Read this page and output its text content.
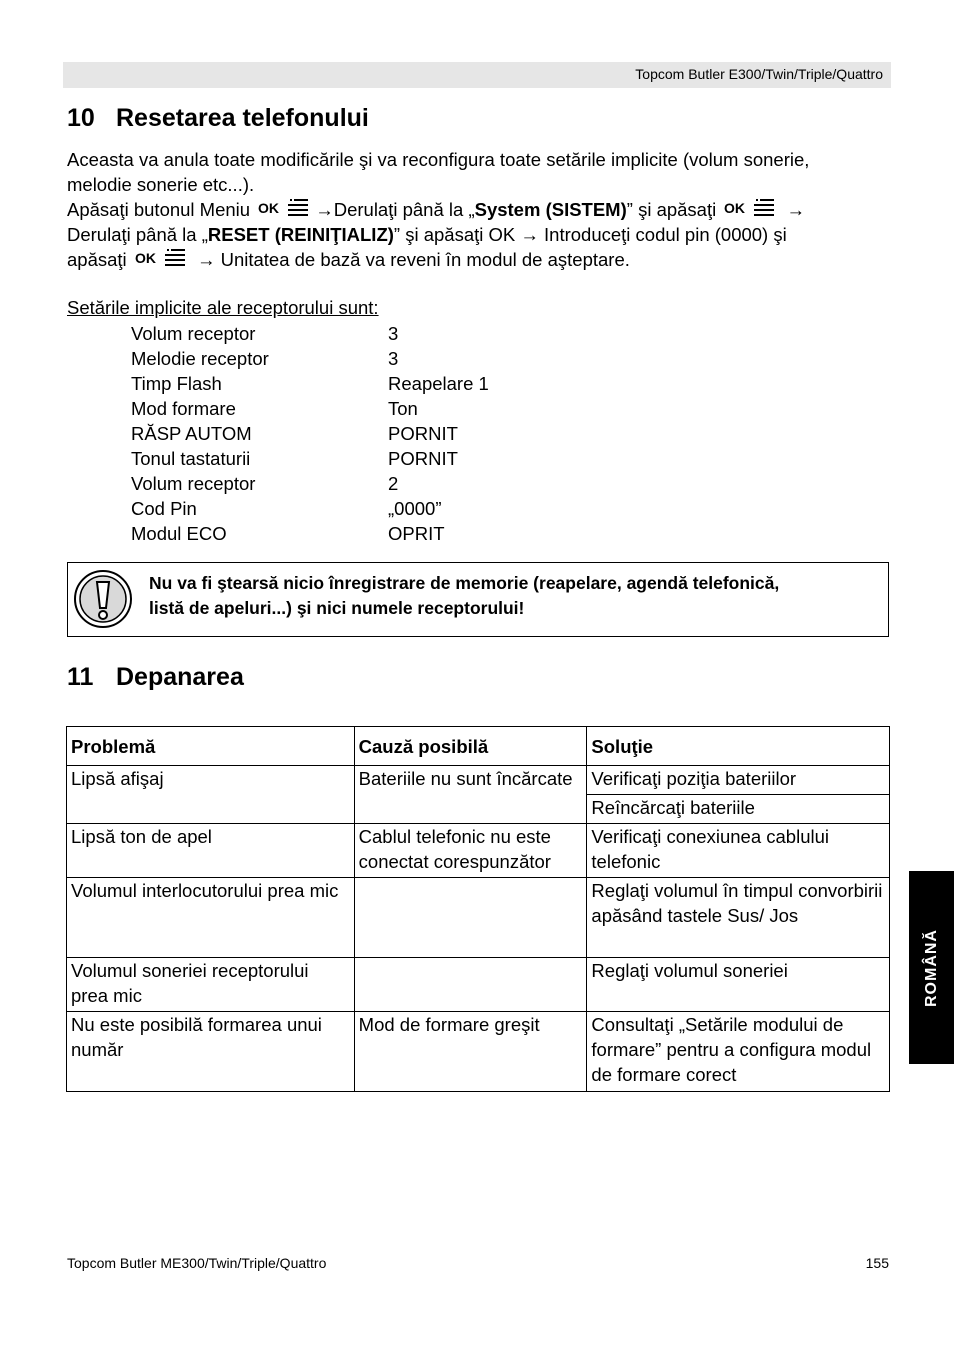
Topcom Butler E300/Twin/Triple/Quattro
10 Resetarea telefonului
Aceasta va anula toate modificările şi va reconfigura toate setările implicite (volum sonerie,
melodie sonerie etc...).
Apăsaţi butonul Meniu OK →Derulaţi până la „System (SISTEM)” şi apăsaţi OK →
Derulaţi până la „RESET (REINIŢIALIZ)” şi apăsaţi OK → Introduceţi codul pin (0000) şi
apăsaţi OK → Unitatea de bază va reveni în modul de aşteptare.
Setările implicite ale receptorului sunt:
Volum receptor	3
Melodie receptor	3
Timp Flash	Reapelare 1
Mod formare	Ton
RĂSP AUTOM	PORNIT
Tonul tastaturii	PORNIT
Volum receptor	2
Cod Pin	„0000”
Modul ECO	OPRIT
Nu va fi ştearsă nicio înregistrare de memorie (reapelare, agendă telefonică,
listă de apeluri...) şi nici numele receptorului!
11 Depanarea
Problemă	Cauză posibilă	Soluţie
Lipsă afişaj	Bateriile nu sunt încărcate	Verificaţi poziţia bateriilor
		Reîncărcaţi bateriile
Lipsă ton de apel	Cablul telefonic nu este conectat corespunzător	Verificaţi conexiunea cablului telefonic
Volumul interlocutorului prea mic		Reglaţi volumul în timpul convorbirii apăsând tastele Sus/ Jos
Volumul soneriei receptorului prea mic		Reglaţi volumul soneriei
Nu este posibilă formarea unui număr	Mod de formare greşit	Consultaţi „Setările modului de formare” pentru a configura modul de formare corect
ROMÂNĂ
Topcom Butler ME300/Twin/Triple/Quattro	155
